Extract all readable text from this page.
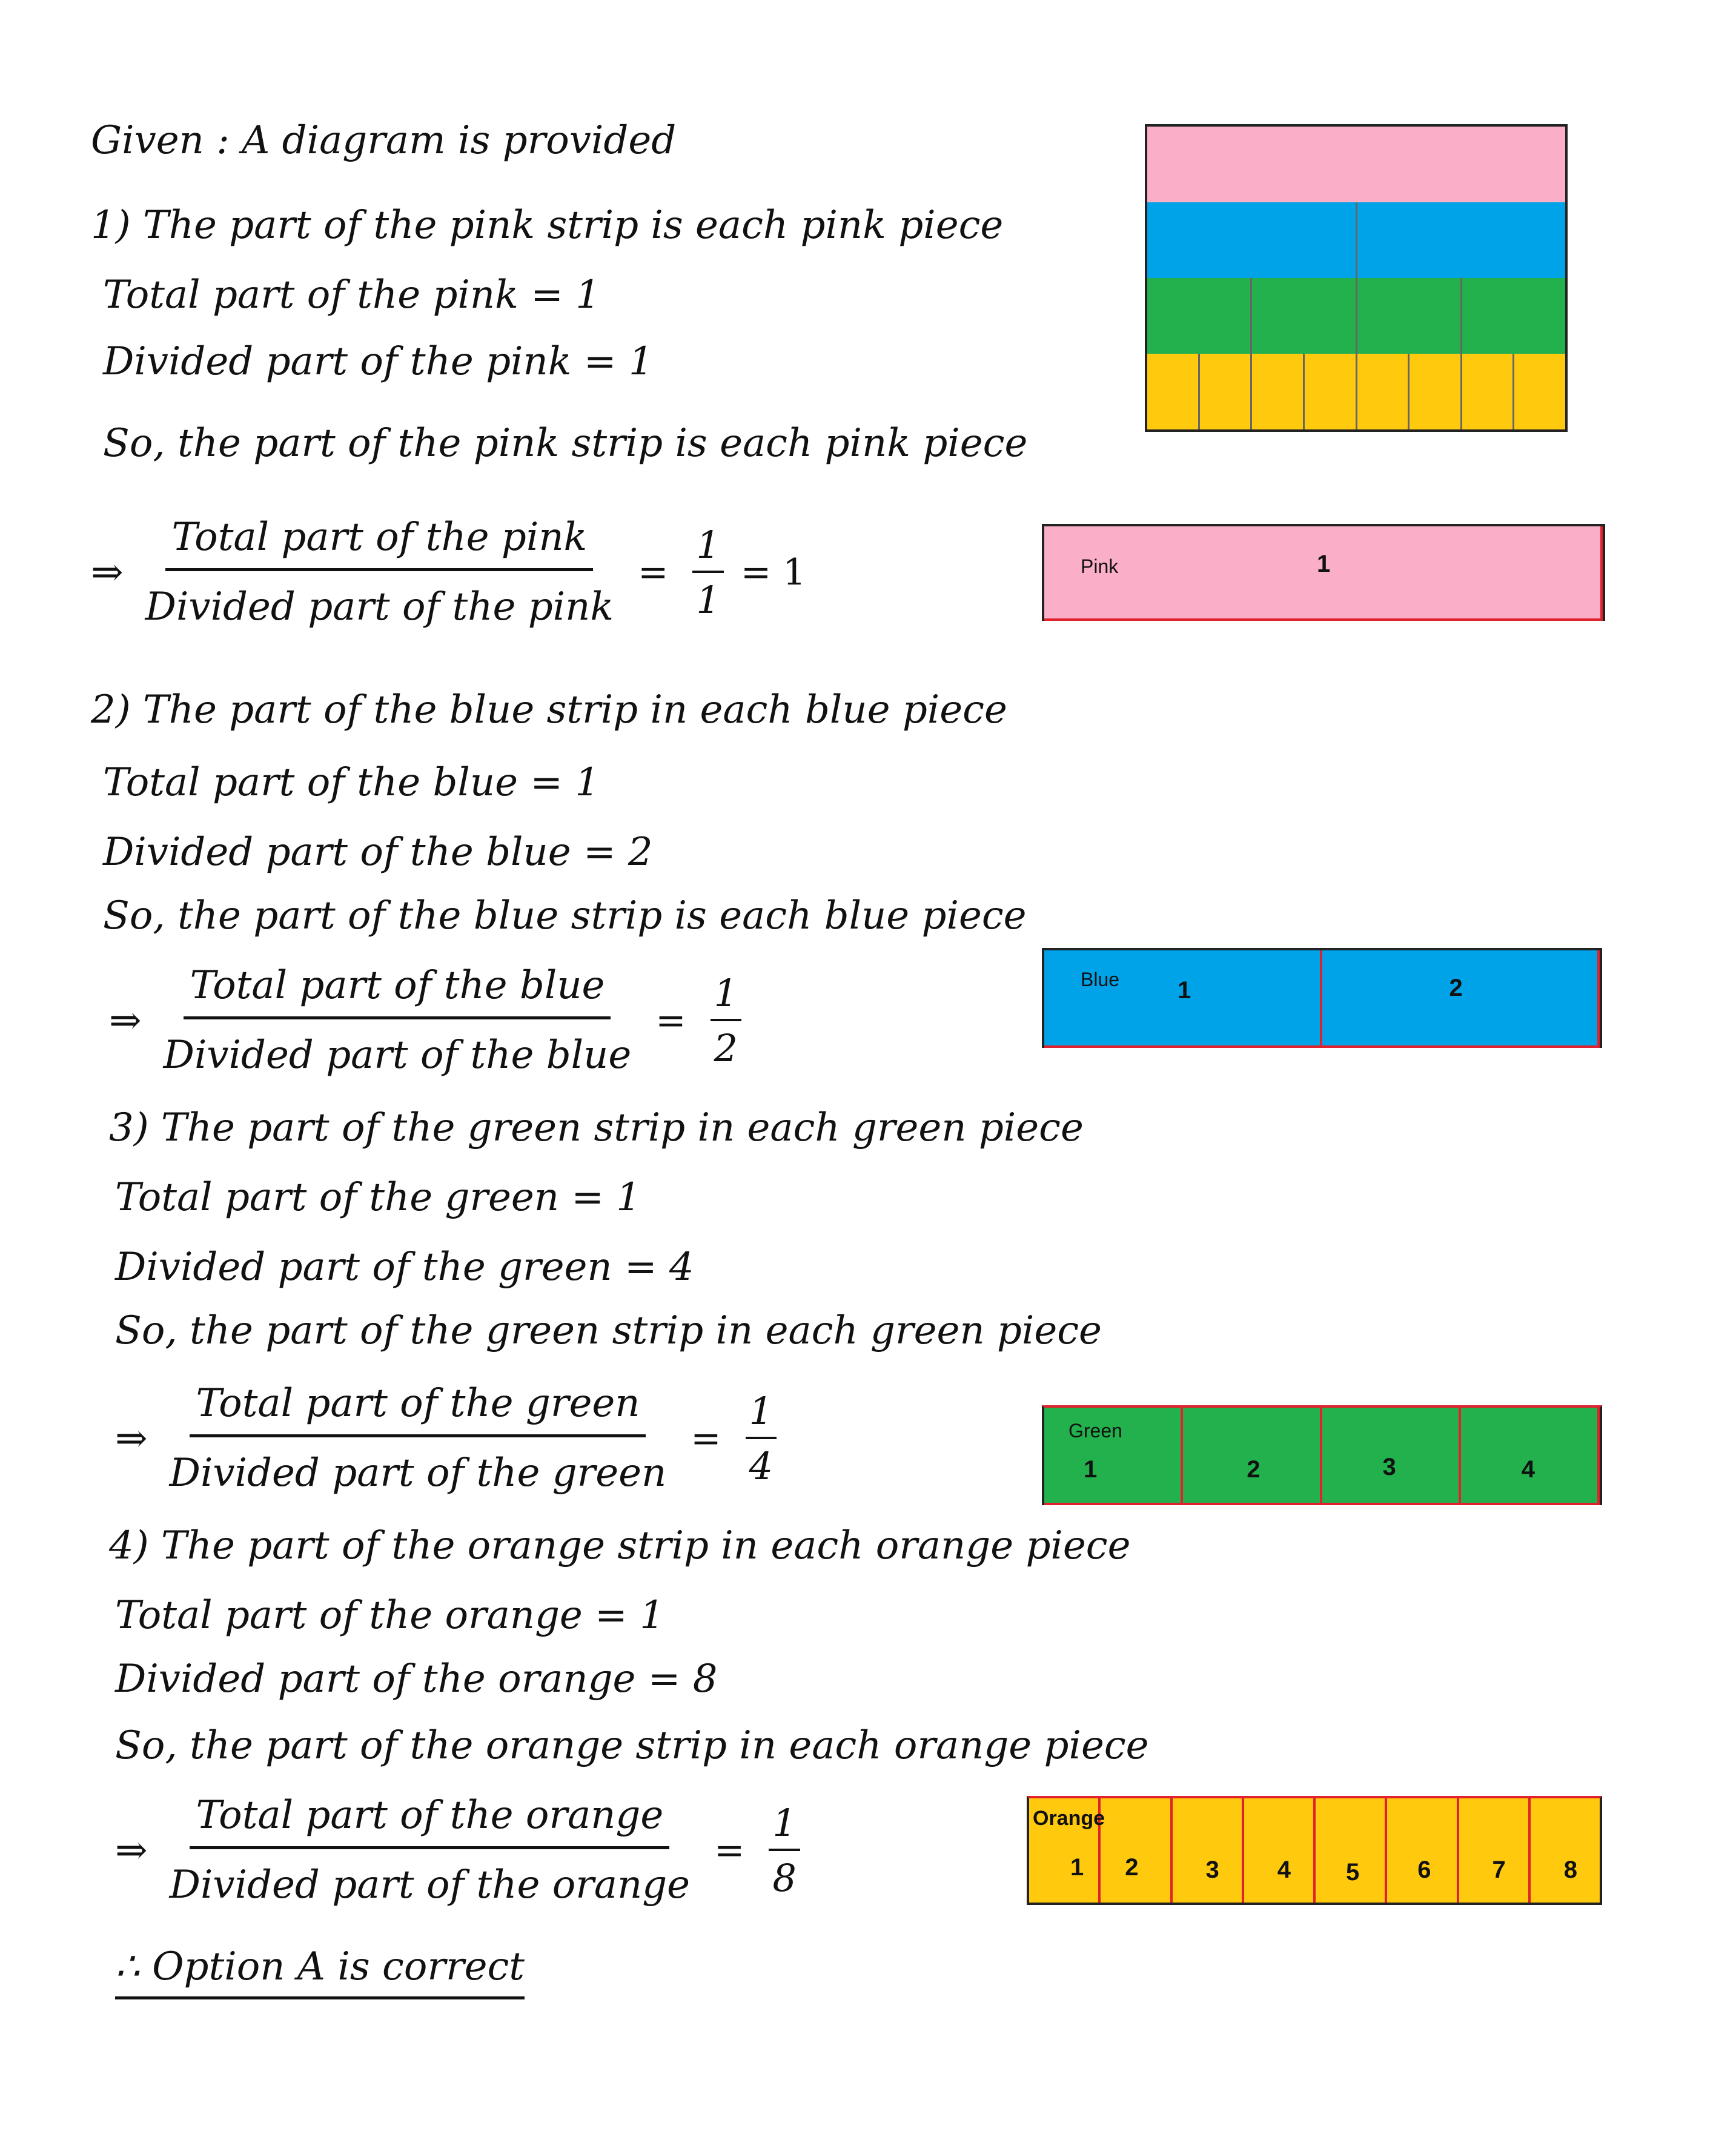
Given : A diagram is provided
1) The part of the pink strip is each pink piece
Total part of the pink = 1
Divided part of the pink = 1
So, the part of the pink strip is each pink piece
⇒ $\frac{\text{Total part of the pink}}{\text{Divided part of the pink}} = \frac{1}{1} = 1$
2) The part of the blue strip in each blue piece
Total part of the blue = 1
Divided part of the blue = 2
So, the part of the blue strip is each blue piece
⇒ $\frac{\text{Total part of the blue}}{\text{Divided part of the blue}} = \frac{1}{2}$
3) The part of the green strip in each green piece
Total part of the green = 1
Divided part of the green = 4
So, the part of the green strip in each green piece
⇒ $\frac{\text{Total part of the green}}{\text{Divided part of the green}} = \frac{1}{4}$
4) The part of the orange strip in each orange piece
Total part of the orange = 1
Divided part of the orange = 8
So, the part of the orange strip in each orange piece
⇒ $\frac{\text{Total part of the orange}}{\text{Divided part of the orange}} = \frac{1}{8}$
∴ Option A is correct
Pink	1
Blue 1	2
Green
1	2	3	4
Orange
1 2	3 4 5 6	7 8
